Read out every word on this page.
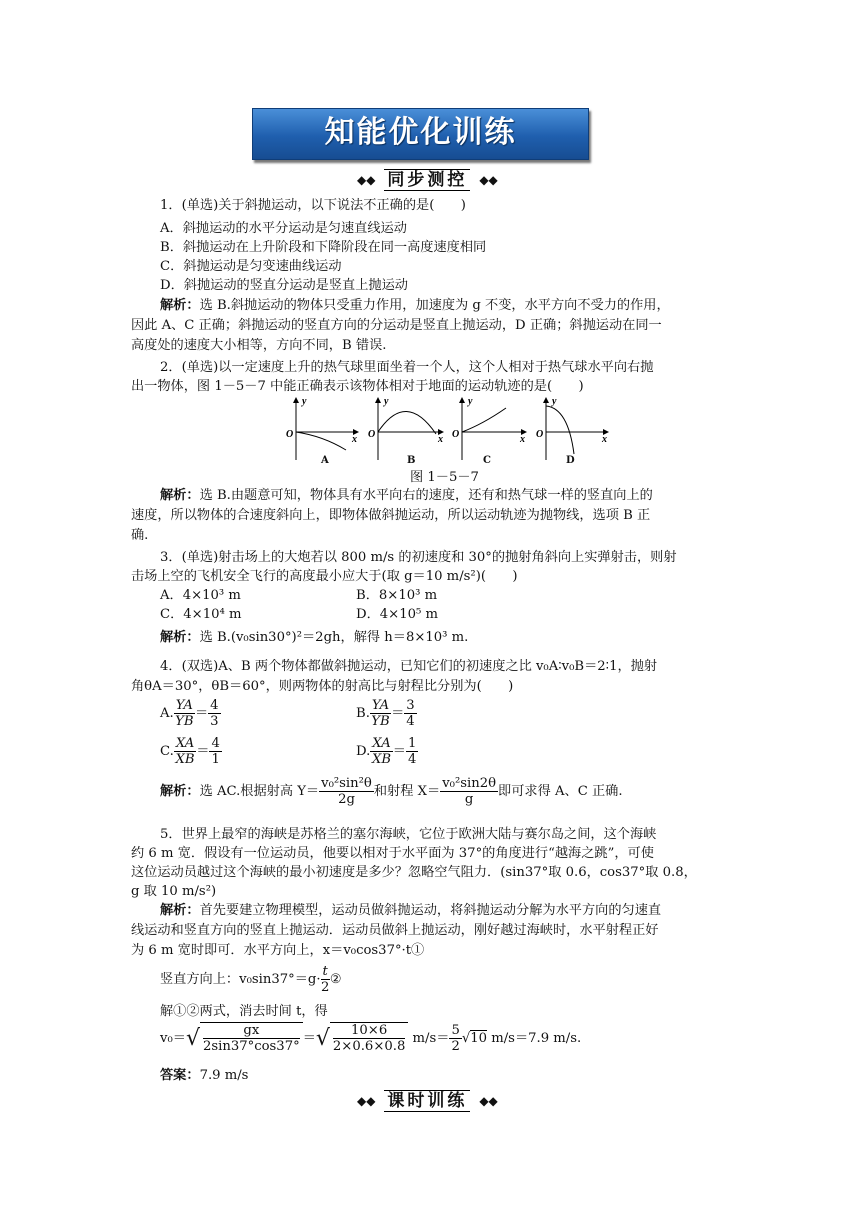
知能优化训练
◆◆ 同步测控 ◆◆
1．(单选)关于斜抛运动，以下说法不正确的是(　　)
A．斜抛运动的水平分运动是匀速直线运动
B．斜抛运动在上升阶段和下降阶段在同一高度速度相同
C．斜抛运动是匀变速曲线运动
D．斜抛运动的竖直分运动是竖直上抛运动
解析：选 B.斜抛运动的物体只受重力作用，加速度为 g 不变，水平方向不受力的作用，
因此 A、C 正确；斜抛运动的竖直方向的分运动是竖直上抛运动，D 正确；斜抛运动在同一
高度处的速度大小相等，方向不同，B 错误.
2．(单选)以一定速度上升的热气球里面坐着一个人，这个人相对于热气球水平向右抛
出一物体，图 1－5－7 中能正确表示该物体相对于地面的运动轨迹的是(　　)
y
x
O
y
x
O
y
x
O
y
x
O
A	B	C	D
图 1－5－7
解析：选 B.由题意可知，物体具有水平向右的速度，还有和热气球一样的竖直向上的
速度，所以物体的合速度斜向上，即物体做斜抛运动，所以运动轨迹为抛物线，选项 B 正
确.
3．(单选)射击场上的大炮若以 800 m/s 的初速度和 30°的抛射角斜向上实弹射击，则射
击场上空的飞机安全飞行的高度最小应大于(取 g＝10 m/s²)(　　)
A．4×10³ m	B．8×10³ m
C．4×10⁴ m	D．4×10⁵ m
解析：选 B.(v₀sin30°)²＝2gh，解得 h＝8×10³ m.
4．(双选)A、B 两个物体都做斜抛运动，已知它们的初速度之比 v₀A∶v₀B＝2∶1，抛射
角θA＝30°，θB＝60°，则两物体的射高比与射程比分别为(　　)
A. $\frac{YA}{YB} = \frac{4}{3}$	B. $\frac{YA}{YB} = \frac{3}{4}$
C. $\frac{XA}{XB} = \frac{4}{1}$	D. $\frac{XA}{XB} = \frac{1}{4}$
解析：选 AC.根据射高 $Y= \frac{\text{v₀²sin²θ}}{2g}$ 和射程 $X= \frac{\text{v₀²sin2θ}}{g}$ 即可求得 A、C 正确.
5．世界上最窄的海峡是苏格兰的塞尔海峡，它位于欧洲大陆与赛尔岛之间，这个海峡
约 6 m 宽．假设有一位运动员，他要以相对于水平面为 37°的角度进行“越海之跳”，可使
这位运动员越过这个海峡的最小初速度是多少？忽略空气阻力．(sin37°取 0.6，cos37°取 0.8，
g 取 10 m/s²)
解析：首先要建立物理模型，运动员做斜抛运动，将斜抛运动分解为水平方向的匀速直
线运动和竖直方向的竖直上抛运动．运动员做斜上抛运动，刚好越过海峡时，水平射程正好
为 6 m 宽时即可．水平方向上，x＝v₀cos37°·t①
竖直方向上：$v_0\sin 37^\circ=g\cdot \frac{t}{2}$ ②
解①②两式，消去时间 t，得
$v_0=√ \frac{gx}{2\sin 37^\circ\cos 37^\circ}$ ＝√ $\frac{10\times 6}{2\times 0.6\times 0.8} m/s= \frac{5}{2} √10$ m/s＝7.9 m/s.
答案：7.9 m/s
◆◆ 课时训练 ◆◆
